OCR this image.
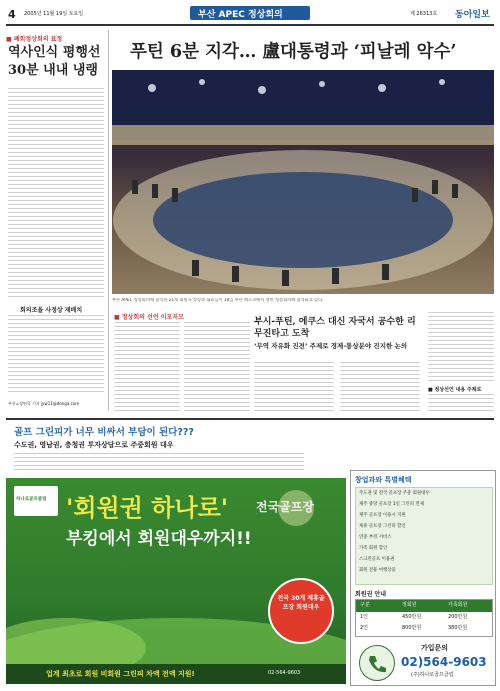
4 2005년 11월 19일 토요일	부산 APEC 정상회의	제 26313호 동아일보
■ 폐회정상회의 표정
역사인식 평행선 30분 내내 냉랭
회의조율 사정상 재배치
부산=정연욱 기자 jyw11@donga.com
푸틴 6분 지각… 盧대통령과 ‘피날레 악수’
부산 APEC 정상회의에 참석한 21개 회원국 정상과 대표들이 18일 부산 벡스코에서 열린 정상회의에 참석하고 있다.
■ 정상회의 선언 이모저모	부시-푸틴, 에쿠스 대신 자국서 공수한 리무진타고 도착
‘무역 자유화 진전’ 주제로 경제-통상분야 진지한 논의
■ 정상선언 내용 주제로
골프 그린피가 너무 비싸서 부담이 된다???
수도권, 영남권, 충청권 투자상담으로 주중회원 대우
하나로골프클럽 '회원권 하나로' 전국골프장
부킹에서 회원대우까지!!
전국 30개 제휴골프장 회원대우
업계 최초로 회원 비회원 그린피 차액 전액 지원!	02-564-9603
창업과와 특별혜택
주도권 및 전국 골프장 주중 회원대우
제주 중앙 골프장 1일 그린피 면제
제주 골프장 이용시 지원
제휴 골프장 그린피 할인
연중 부킹 서비스
가족 회원 할인
스크린골프 이용권
회원 전용 여행상품
회원권 안내
구분	정회원	가족회원
1인	450만원	200만원
2인	800만원	380만원
가입문의
02)564-9603
(주)하나로골프클럽
